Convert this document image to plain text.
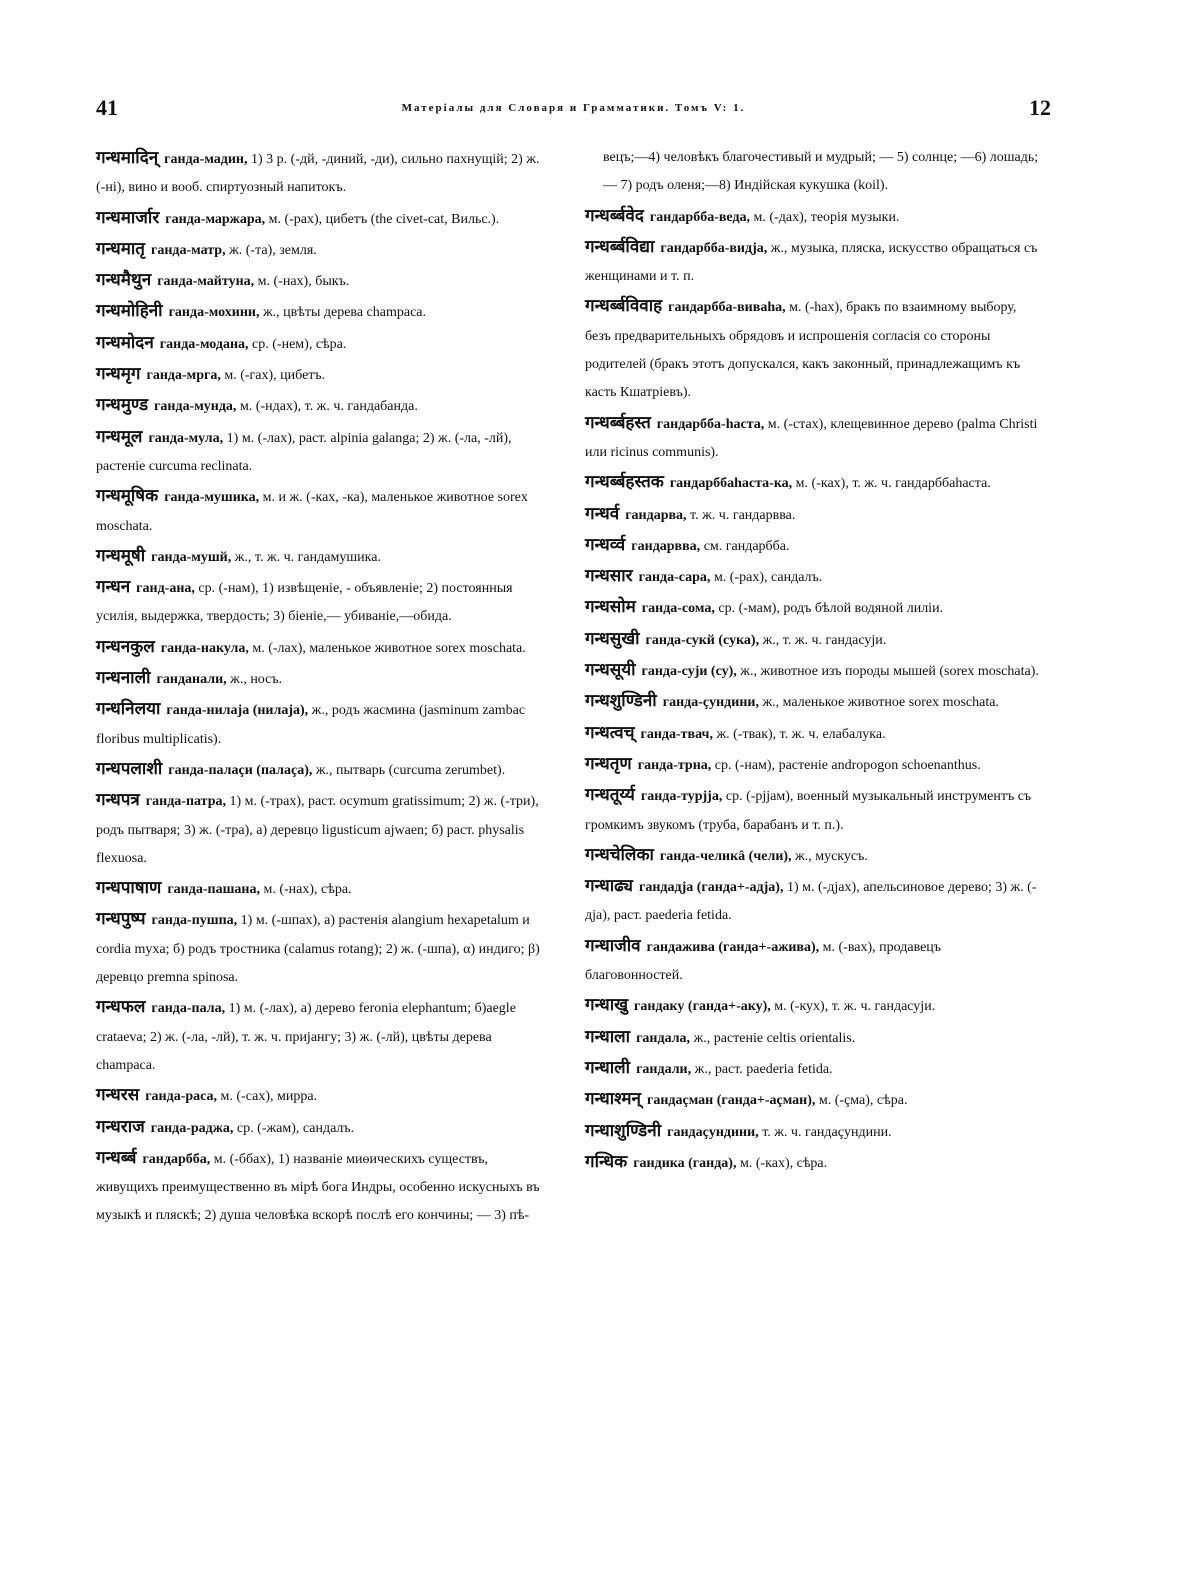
41	Матеріалы для Словаря и Грамматики. Томъ V: 1.	12
गन्धमादिन् ганда-мадин, 1) 3 р. (-дй, -диний, -ди), сильно пахнущій; 2) ж. (-ні), вино и вооб. спиртуозный напитокъ.
गन्धमार्जार ганда-маржара, м. (-рах), цибетъ (the civet-cat, Вильс.).
गन्धमातृ ганда-матр, ж. (-та), земля.
गन्धमैथुन ганда-майтуна, м. (-нах), быкъ.
गन्धमोहिनी ганда-мохини, ж., цвѣты дерева champaca.
गन्धमोदन ганда-модана, ср. (-нем), сѣра.
गन्धमृग ганда-мрга, м. (-гах), цибетъ.
गन्धमुण्ड ганда-мунда, м. (-ндах), т. ж. ч. гандабанда.
गन्धमूल ганда-мула, 1) м. (-лах), раст. alpinia galanga; 2) ж. (-ла, -лй), растеніе curcuma reclinata.
गन्धमूषिक ганда-мушика, м. и ж. (-ках, -ка), маленькое животное sorex moschata.
गन्धमूषी ганда-мушй, ж., т. ж. ч. гандамушика.
गन्धन ганд-ана, ср. (-нам), 1) извѣщеніе, - объявленіе; 2) постоянныя усилія, выдержка, твердость; 3) біеніе,— убиваніе,—обида.
गन्धनकुल ганда-накула, м. (-лах), маленькое животное sorex moschata.
गन्धनाली ганданали, ж., носъ.
गन्धनिलया ганда-нилаја (нилаја), ж., родъ жасмина (jasminum zambac floribus multiplicatis).
गन्धपलाशी ганда-палаçи (палаçа), ж., пытварь (curcuma zerumbet).
गन्धपत्र ганда-патра, 1) м. (-трах), раст. ocymum gratissimum; 2) ж. (-три), родъ пытваря; 3) ж. (-тра), а) деревцо ligusticum ajwaen; б) раст. physalis flexuosa.
गन्धपाषाण ганда-пашана, м. (-нах), сѣра.
गन्धपुष्प ганда-пушпа, 1) м. (-шпах), а) растенія alangium hexapetalum и cordia myxa; б) родъ тростника (calamus rotang); 2) ж. (-шпа), α) индиго; β) деревцо premna spinosa.
गन्धफल ганда-пала, 1) м. (-лах), а) дерево feronia elephantum; б)aegle crataeva; 2) ж. (-ла, -лй), т. ж. ч. приjангу; 3) ж. (-лй), цвѣты дерева champaca.
गन्धरस ганда-раса, м. (-сах), мирра.
गन्धराज ганда-раджа, ср. (-жам), сандалъ.
गन्धर्ब्ब гандарбба, м. (-ббах), 1) названіе миѳическихъ существъ, живущихъ преимущественно въ мірѣ бога Индры, особенно искусныхъ въ музыкѣ и пляскѣ; 2) душа человѣка вскорѣ послѣ его кончины; — 3) пѣ-
вецъ;—4) человѣкъ благочестивый и мудрый; — 5) солнце; —6) лошадь; — 7) родъ оленя;—8) Индійская кукушка (koil).
गन्धर्ब्बवेद гандарбба-веда, м. (-дах), теорія музыки.
गन्धर्ब्बविद्या гандарбба-видја, ж., музыка, пляска, искусство обращаться съ женщинами и т. п.
गन्धर्ब्बविवाह гандарбба-виваhа, м. (-hах), бракъ по взаимному выбору, безъ предварительныхъ обрядовъ и испрошенія согласія со стороны родителей (бракъ этотъ допускался, какъ законный, принадлежащимъ къ касть Кшатріевъ).
गन्धर्ब्बहस्त гандарбба-hаста, м. (-стах), клещевинное дерево (palma Christi или ricinus communis).
गन्धर्ब्बहस्तक гандарббаhаста-ка, м. (-ках), т. ж. ч. гандарббаhаста.
गन्धर्व гандарва, т. ж. ч. гандарвва.
गन्धर्व्व гандарвва, см. гандарбба.
गन्धसार ганда-сара, м. (-рах), сандалъ.
गन्धसोम ганда-сома, ср. (-мам), родъ бѣлой водяной лиліи.
गन्धसुखी ганда-сукй (сука), ж., т. ж. ч. гандасуји.
गन्धसूयी ганда-суји (су), ж., животное изъ породы мышей (sorex moschata).
गन्धशुण्डिनी ганда-çундини, ж., маленькое животное sorex moschata.
गन्धत्वच् ганда-твач, ж. (-твак), т. ж. ч. елабалука.
गन्धतृण ганда-трна, ср. (-нам), растеніе andropogon schoenanthus.
गन्धतूर्य्य ганда-турјја, ср. (-рјјам), военный музыкальный инструментъ съ громкимъ звукомъ (труба, барабанъ и т. п.).
गन्धचेलिका ганда-челикâ (чели), ж., мускусъ.
गन्धाढ्य гандадја (ганда+-адја), 1) м. (-дјах), апельсиновое дерево; 3) ж. (-дја), раст. paederia fetida.
गन्धाजीव гандажива (ганда+-ажива), м. (-вах), продавецъ благовонностей.
गन्धाखु гандаку (ганда+-аку), м. (-кух), т. ж. ч. гандасуји.
गन्धाला гандала, ж., растеніе celtis orientalis.
गन्धाली гандали, ж., раст. paederia fetida.
गन्धाश्मन् гандаçман (ганда+-аçман), м. (-çма), сѣра.
गन्धाशुण्डिनी гандаçундини, т. ж. ч. гандаçундини.
गन्धिक гандика (ганда), м. (-ках), сѣра.
